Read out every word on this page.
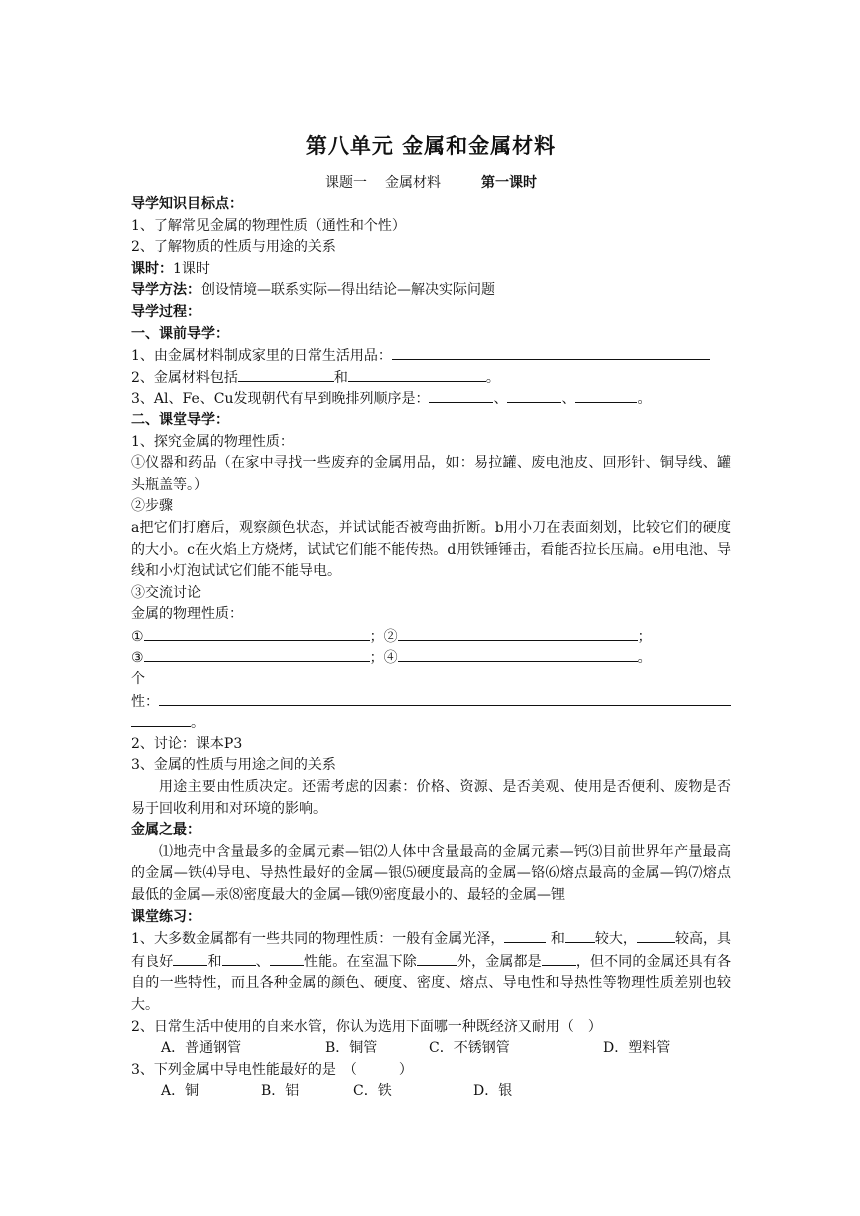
第八单元 金属和金属材料
课题一 金属材料	第一课时
导学知识目标点：
1、了解常见金属的物理性质（通性和个性）
2、了解物质的性质与用途的关系
课时：1课时
导学方法：创设情境—联系实际—得出结论—解决实际问题
导学过程：
一、课前导学：
1、由金属材料制成家里的日常生活用品：
2、金属材料包括	和	。
3、Al、Fe、Cu发现朝代有早到晚排列顺序是：	、	、	。
二、课堂导学：
1、探究金属的物理性质：
①仪器和药品（在家中寻找一些废弃的金属用品，如：易拉罐、废电池皮、回形针、铜导线、罐头瓶盖等。）
②步骤
a把它们打磨后，观察颜色状态，并试试能否被弯曲折断。b用小刀在表面刻划，比较它们的硬度的大小。c在火焰上方烧烤，试试它们能不能传热。d用铁锤锤击，看能否拉长压扁。e用电池、导线和小灯泡试试它们能不能导电。
③交流讨论
金属的物理性质：
①	；②	；
③	；④	。
个
性：
。
2、讨论：课本P3
3、金属的性质与用途之间的关系
用途主要由性质决定。还需考虑的因素：价格、资源、是否美观、使用是否便利、废物是否易于回收利用和对环境的影响。
金属之最：
⑴地壳中含量最多的金属元素—铝⑵人体中含量最高的金属元素—钙⑶目前世界年产量最高的金属—铁⑷导电、导热性最好的金属—银⑸硬度最高的金属—铬⑹熔点最高的金属—钨⑺熔点最低的金属—汞⑻密度最大的金属—锇⑼密度最小的、最轻的金属—锂
课堂练习：
1、大多数金属都有一些共同的物理性质：一般有金属光泽，	和 较大，	较高，具有良好 和 、 性能。在室温下除	外，金属都是 ，但不同的金属还具有各自的一些特性，而且各种金属的颜色、硬度、密度、熔点、导电性和导热性等物理性质差别也较大。
2、日常生活中使用的自来水管，你认为选用下面哪一种既经济又耐用（　）
A．普通钢管	B．铜管	C．不锈钢管	D．塑料管
3、下列金属中导电性能最好的是　（　　　）
A．铜	B．铝	C．铁	D．银
